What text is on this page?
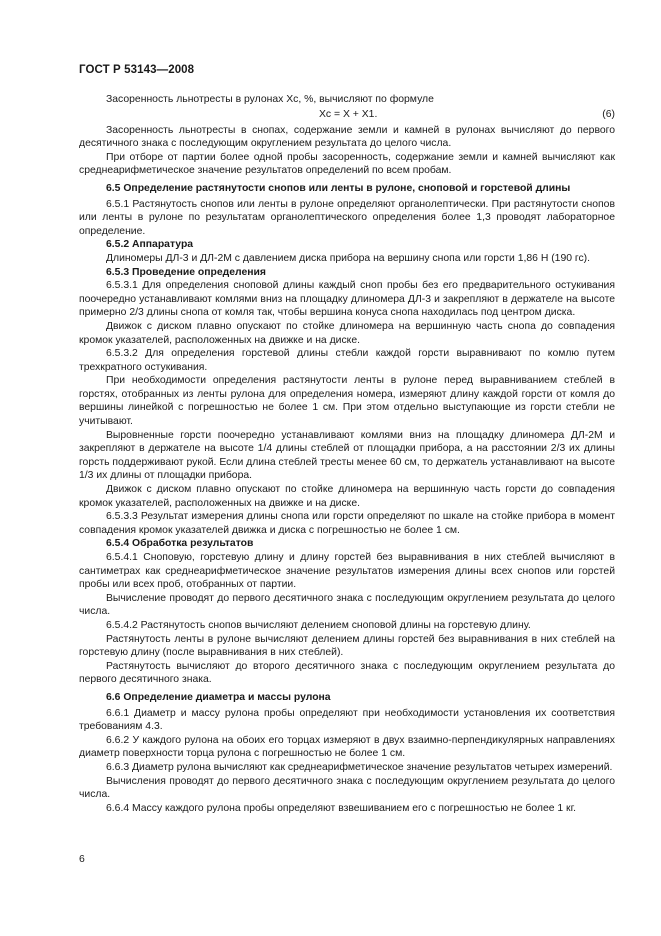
ГОСТ Р 53143—2008

Засоренность льнотресты в рулонах Xc, %, вычисляют по формуле

Xc = X + X1.	(6)

Засоренность льнотресты в снопах, содержание земли и камней в рулонах вычисляют до первого десятичного знака с последующим округлением результата до целого числа.

При отборе от партии более одной пробы засоренность, содержание земли и камней вычисляют как среднеарифметическое значение результатов определений по всем пробам.

6.5 Определение растянутости снопов или ленты в рулоне, сноповой и горстевой длины

6.5.1 Растянутость снопов или ленты в рулоне определяют органолептически. При растянутости снопов или ленты в рулоне по результатам органолептического определения более 1,3 проводят лабораторное определение.

6.5.2 Аппаратура

Длиномеры ДЛ-3 и ДЛ-2М с давлением диска прибора на вершину снопа или горсти 1,86 Н (190 гс).

6.5.3 Проведение определения

6.5.3.1 Для определения сноповой длины каждый сноп пробы без его предварительного остукивания поочередно устанавливают комлями вниз на площадку длиномера ДЛ-3 и закрепляют в держателе на высоте примерно 2/3 длины снопа от комля так, чтобы вершина конуса снопа находилась под центром диска.

Движок с диском плавно опускают по стойке длиномера на вершинную часть снопа до совпадения кромок указателей, расположенных на движке и на диске.

6.5.3.2 Для определения горстевой длины стебли каждой горсти выравнивают по комлю путем трехкратного остукивания.

При необходимости определения растянутости ленты в рулоне перед выравниванием стеблей в горстях, отобранных из ленты рулона для определения номера, измеряют длину каждой горсти от комля до вершины линейкой с погрешностью не более 1 см. При этом отдельно выступающие из горсти стебли не учитывают.

Выровненные горсти поочередно устанавливают комлями вниз на площадку длиномера ДЛ-2М и закрепляют в держателе на высоте 1/4 длины стеблей от площадки прибора, а на расстоянии 2/3 их длины горсть поддерживают рукой. Если длина стеблей тресты менее 60 см, то держатель устанавливают на высоте 1/3 их длины от площадки прибора.

Движок с диском плавно опускают по стойке длиномера на вершинную часть горсти до совпадения кромок указателей, расположенных на движке и на диске.

6.5.3.3 Результат измерения длины снопа или горсти определяют по шкале на стойке прибора в момент совпадения кромок указателей движка и диска с погрешностью не более 1 см.

6.5.4 Обработка результатов

6.5.4.1 Сноповую, горстевую длину и длину горстей без выравнивания в них стеблей вычисляют в сантиметрах как среднеарифметическое значение результатов измерения длины всех снопов или горстей пробы или всех проб, отобранных от партии.

Вычисление проводят до первого десятичного знака с последующим округлением результата до целого числа.

6.5.4.2 Растянутость снопов вычисляют делением сноповой длины на горстевую длину.

Растянутость ленты в рулоне вычисляют делением длины горстей без выравнивания в них стеблей на горстевую длину (после выравнивания в них стеблей).

Растянутость вычисляют до второго десятичного знака с последующим округлением результата до первого десятичного знака.

6.6 Определение диаметра и массы рулона

6.6.1 Диаметр и массу рулона пробы определяют при необходимости установления их соответствия требованиям 4.3.

6.6.2 У каждого рулона на обоих его торцах измеряют в двух взаимно-перпендикулярных направлениях диаметр поверхности торца рулона с погрешностью не более 1 см.

6.6.3 Диаметр рулона вычисляют как среднеарифметическое значение результатов четырех измерений.

Вычисления проводят до первого десятичного знака с последующим округлением результата до целого числа.

6.6.4 Массу каждого рулона пробы определяют взвешиванием его с погрешностью не более 1 кг.

6
